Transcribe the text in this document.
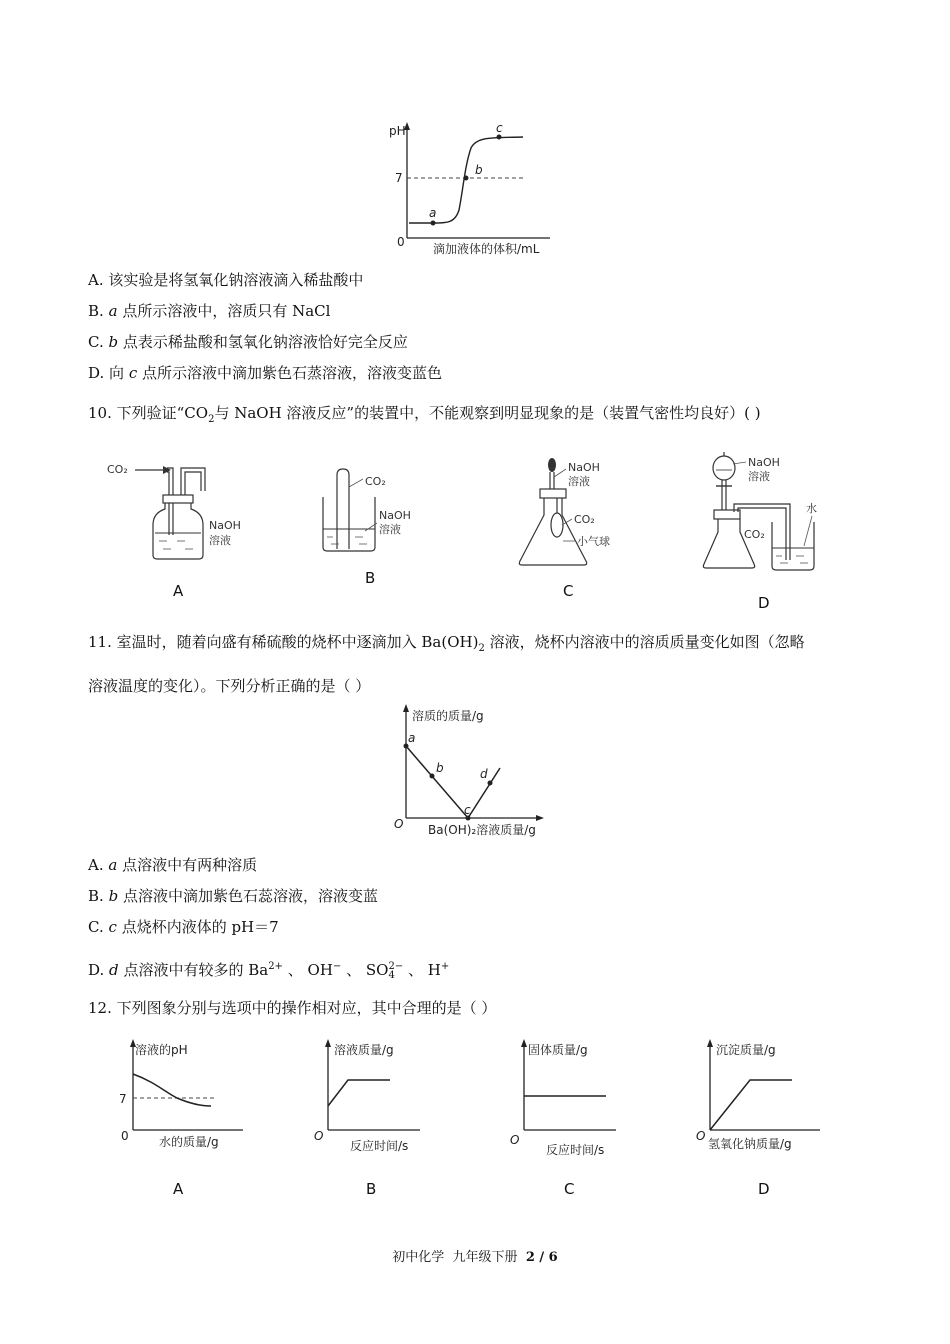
pH
7
0
a
b
c
滴加液体的体积/mL
A. 该实验是将氢氧化钠溶液滴入稀盐酸中
B. a 点所示溶液中，溶质只有 NaCl
C. b 点表示稀盐酸和氢氧化钠溶液恰好完全反应
D. 向 c 点所示溶液中滴加紫色石蒸溶液，溶液变蓝色
10. 下列验证“$CO_2$与 NaOH 溶液反应”的装置中，不能观察到明显现象的是（装置气密性均良好）( )
CO₂
NaOH
溶液
A
CO₂
NaOH
溶液
B
NaOH
溶液
CO₂
小气球
C
NaOH
溶液
CO₂
水
D
11. 室温时，随着向盛有稀硫酸的烧杯中逐滴加入 $Ba(OH)_2$ 溶液，烧杯内溶液中的溶质质量变化如图（忽略
溶液温度的变化）。下列分析正确的是（ ）
溶质的质量/g
a
b
c
d
O Ba(OH)₂溶液质量/g
A. a 点溶液中有两种溶质
B. b 点溶液中滴加紫色石蕊溶液，溶液变蓝
C. c 点烧杯内液体的 pH＝7
D. d 点溶液中有较多的 $Ba^{2+}$ 、 OH− 、 SO 2−
4 、 H+
12. 下列图象分别与选项中的操作相对应，其中合理的是（ ）
溶液的pH
7
0	水的质量/g
A
溶液质量/g
O
反应时间/s
B
固体质量/g
O
反应时间/s
C
沉淀质量/g
O
氢氧化钠质量/g
D
初中化学  九年级下册  2 / 6
